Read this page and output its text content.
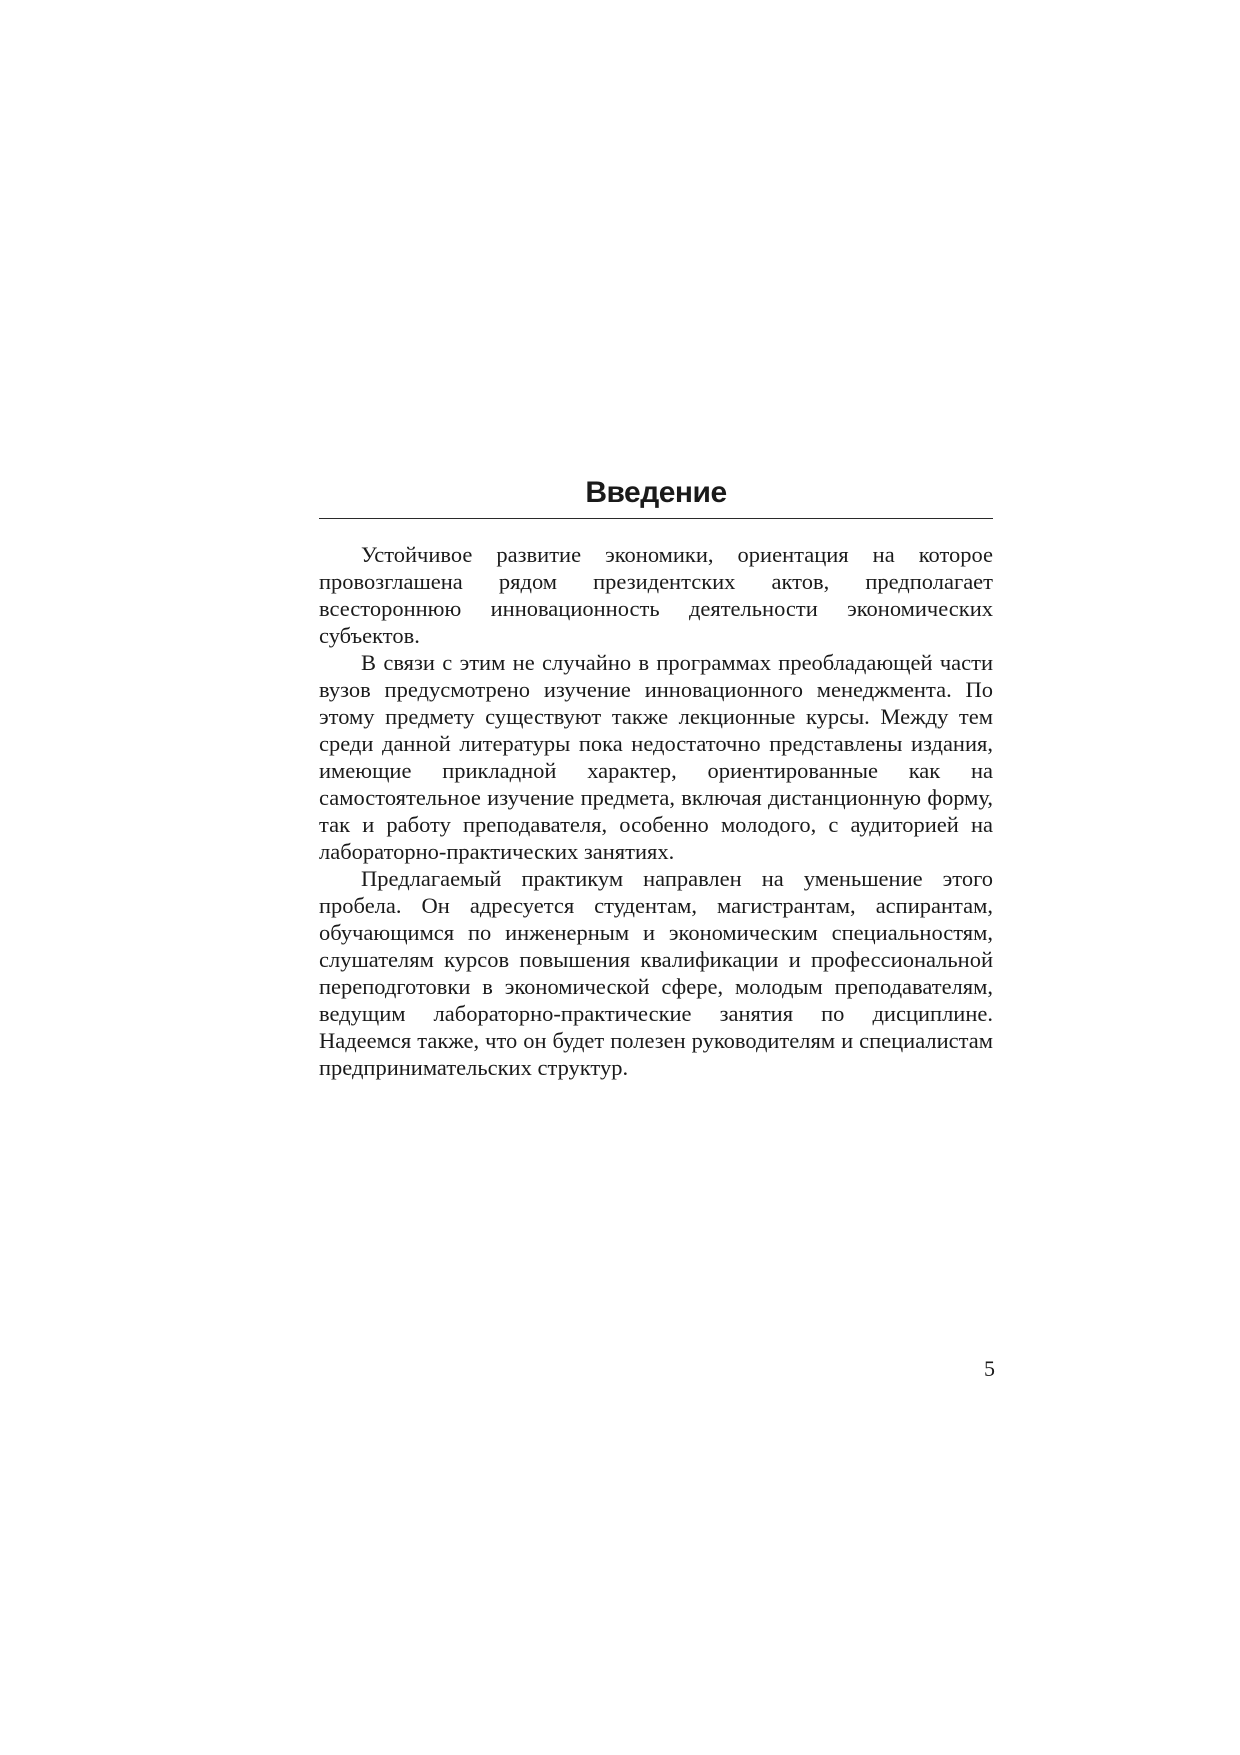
Введение

Устойчивое развитие экономики, ориентация на которое провозглашена рядом президентских актов, предполагает всестороннюю инновационность деятельности экономических субъектов.

В связи с этим не случайно в программах преобладающей части вузов предусмотрено изучение инновационного менеджмента. По этому предмету существуют также лекционные курсы. Между тем среди данной литературы пока недостаточно представлены издания, имеющие прикладной характер, ориентированные как на самостоятельное изучение предмета, включая дистанционную форму, так и работу преподавателя, особенно молодого, с аудиторией на лабораторно-практических занятиях.

Предлагаемый практикум направлен на уменьшение этого пробела. Он адресуется студентам, магистрантам, аспирантам, обучающимся по инженерным и экономическим специальностям, слушателям курсов повышения квалификации и профессиональной переподготовки в экономической сфере, молодым преподавателям, ведущим лабораторно-практические занятия по дисциплине. Надеемся также, что он будет полезен руководителям и специалистам предпринимательских структур.

5
